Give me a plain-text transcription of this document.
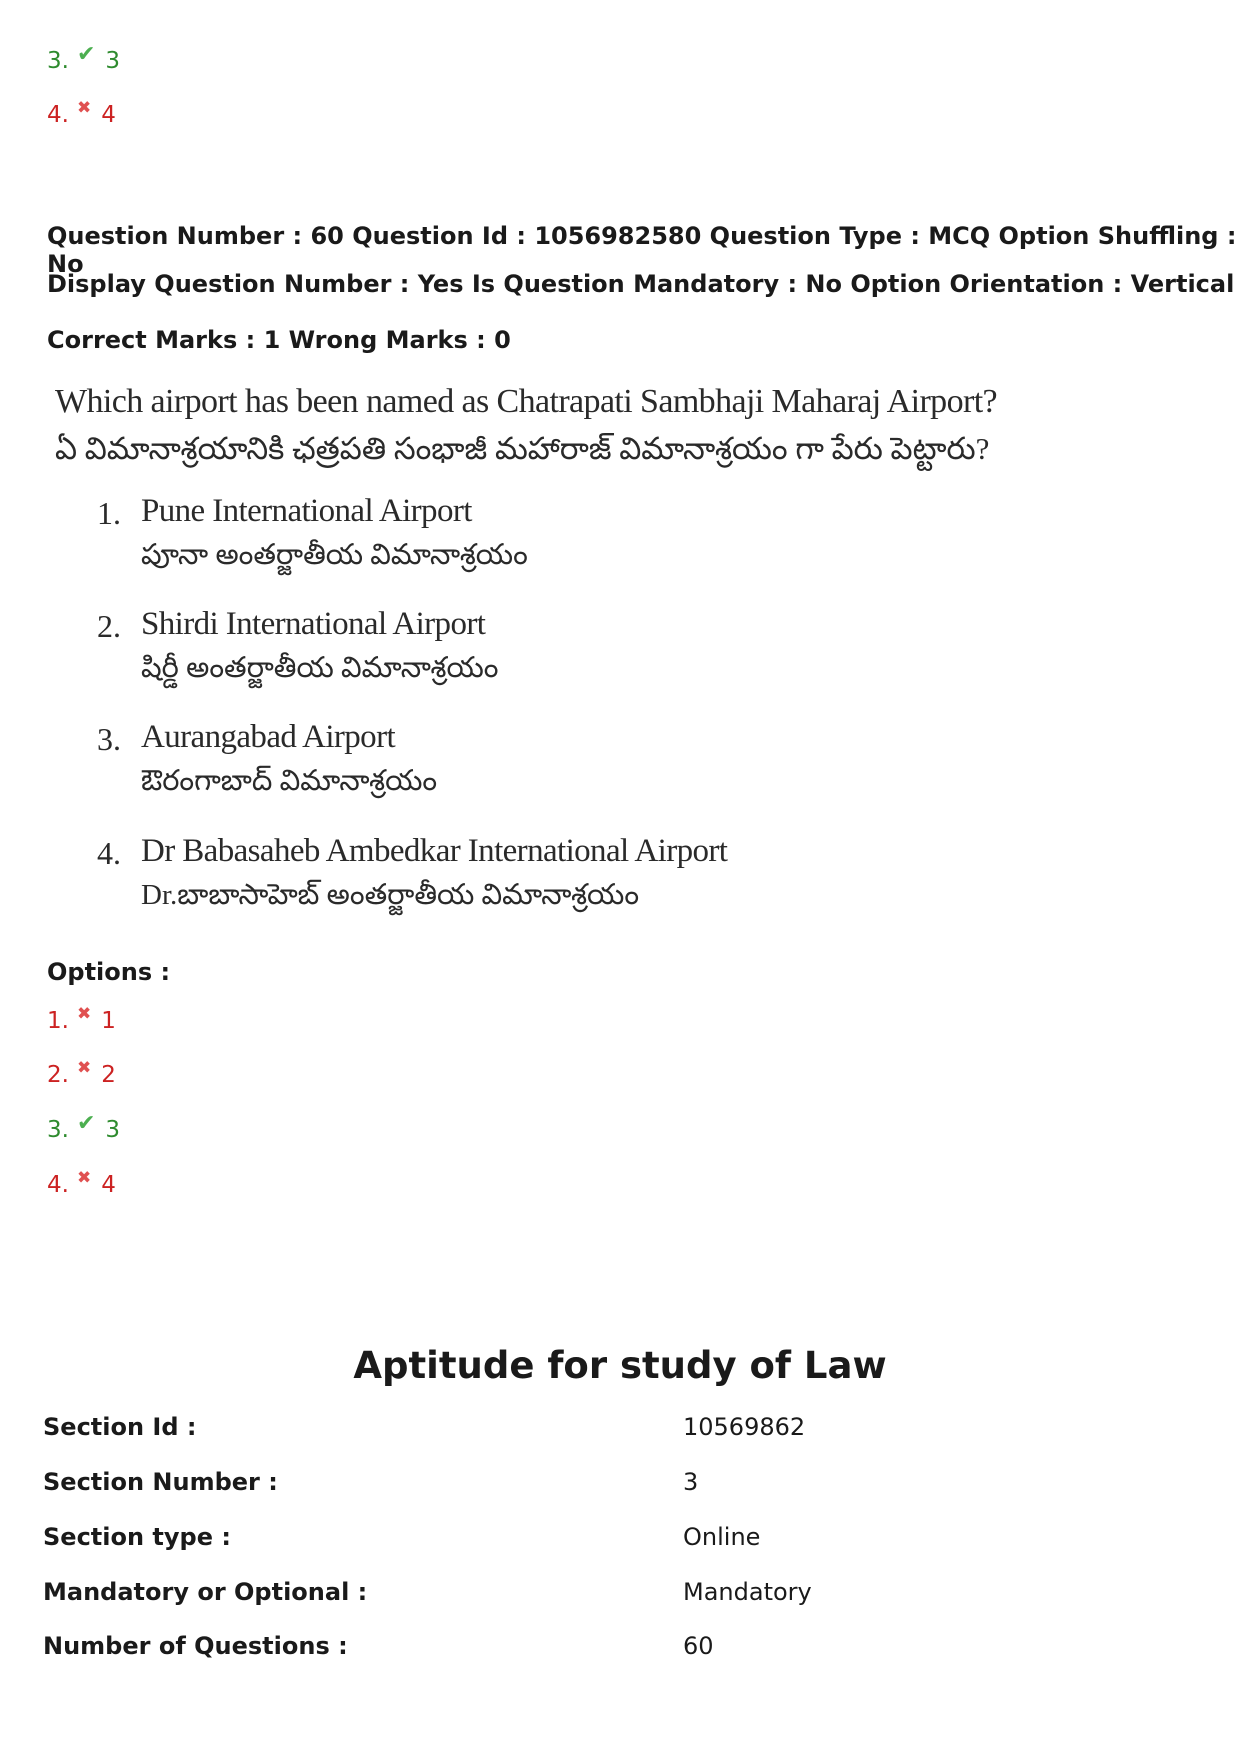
3. ✔ 3
4. ✖ 4
Question Number : 60 Question Id : 1056982580 Question Type : MCQ Option Shuffling : No
Display Question Number : Yes Is Question Mandatory : No Option Orientation : Vertical
Correct Marks : 1 Wrong Marks : 0
Which airport has been named as Chatrapati Sambhaji Maharaj Airport?
ఏ విమానాశ్రయానికి ఛత్రపతి సంభాజీ మహారాజ్ విమానాశ్రయం గా పేరు పెట్టారు?
1. Pune International Airport
పూనా అంతర్జాతీయ విమానాశ్రయం
2. Shirdi International Airport
షిర్డీ అంతర్జాతీయ విమానాశ్రయం
3. Aurangabad Airport
ఔరంగాబాద్ విమానాశ్రయం
4. Dr Babasaheb Ambedkar International Airport
Dr.బాబాసాహెబ్ అంతర్జాతీయ విమానాశ్రయం
Options :
1. ✖ 1
2. ✖ 2
3. ✔ 3
4. ✖ 4
Aptitude for study of Law
Section Id :	10569862
Section Number :	3
Section type :	Online
Mandatory or Optional :	Mandatory
Number of Questions :	60
